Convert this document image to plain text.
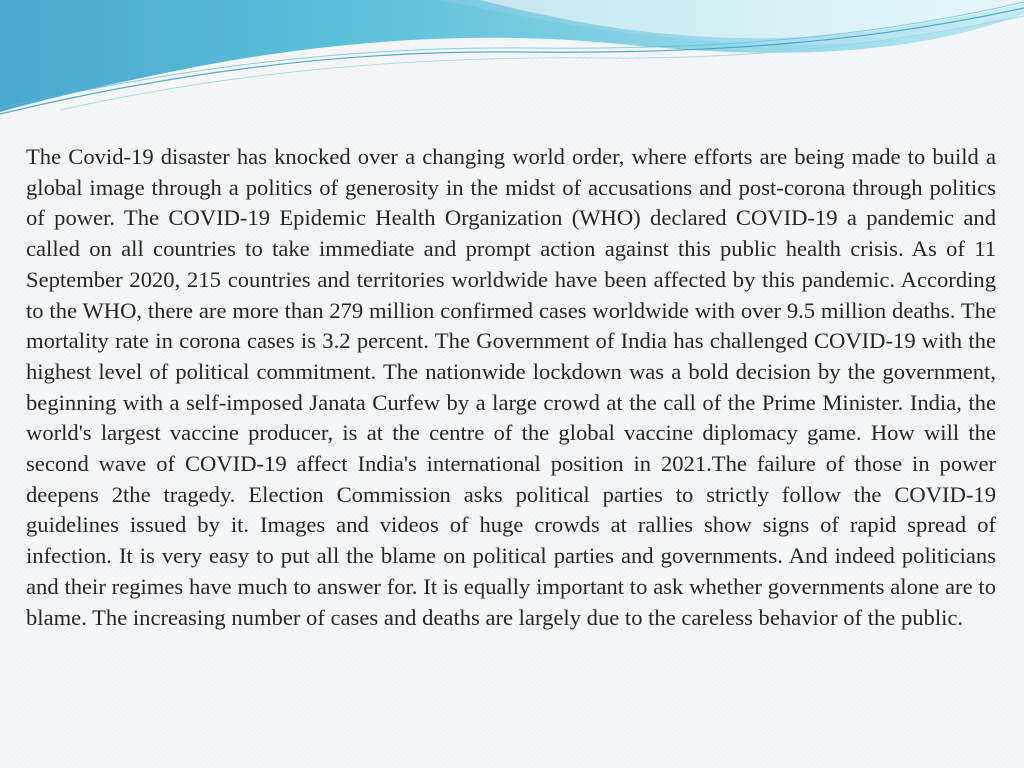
The Covid-19 disaster has knocked over a changing world order, where efforts are being made to build a global image through a politics of generosity in the midst of accusations and post-corona through politics of power. The COVID-19 Epidemic Health Organization (WHO) declared COVID-19 a pandemic and called on all countries to take immediate and prompt action against this public health crisis. As of 11 September 2020, 215 countries and territories worldwide have been affected by this pandemic. According to the WHO, there are more than 279 million confirmed cases worldwide with over 9.5 million deaths. The mortality rate in corona cases is 3.2 percent. The Government of India has challenged COVID-19 with the highest level of political commitment. The nationwide lockdown was a bold decision by the government, beginning with a self-imposed Janata Curfew by a large crowd at the call of the Prime Minister. India, the world's largest vaccine producer, is at the centre of the global vaccine diplomacy game. How will the second wave of COVID-19 affect India's international position in 2021.The failure of those in power deepens 2the tragedy. Election Commission asks political parties to strictly follow the COVID-19 guidelines issued by it. Images and videos of huge crowds at rallies show signs of rapid spread of infection. It is very easy to put all the blame on political parties and governments. And indeed politicians and their regimes have much to answer for. It is equally important to ask whether governments alone are to blame. The increasing number of cases and deaths are largely due to the careless behavior of the public.
